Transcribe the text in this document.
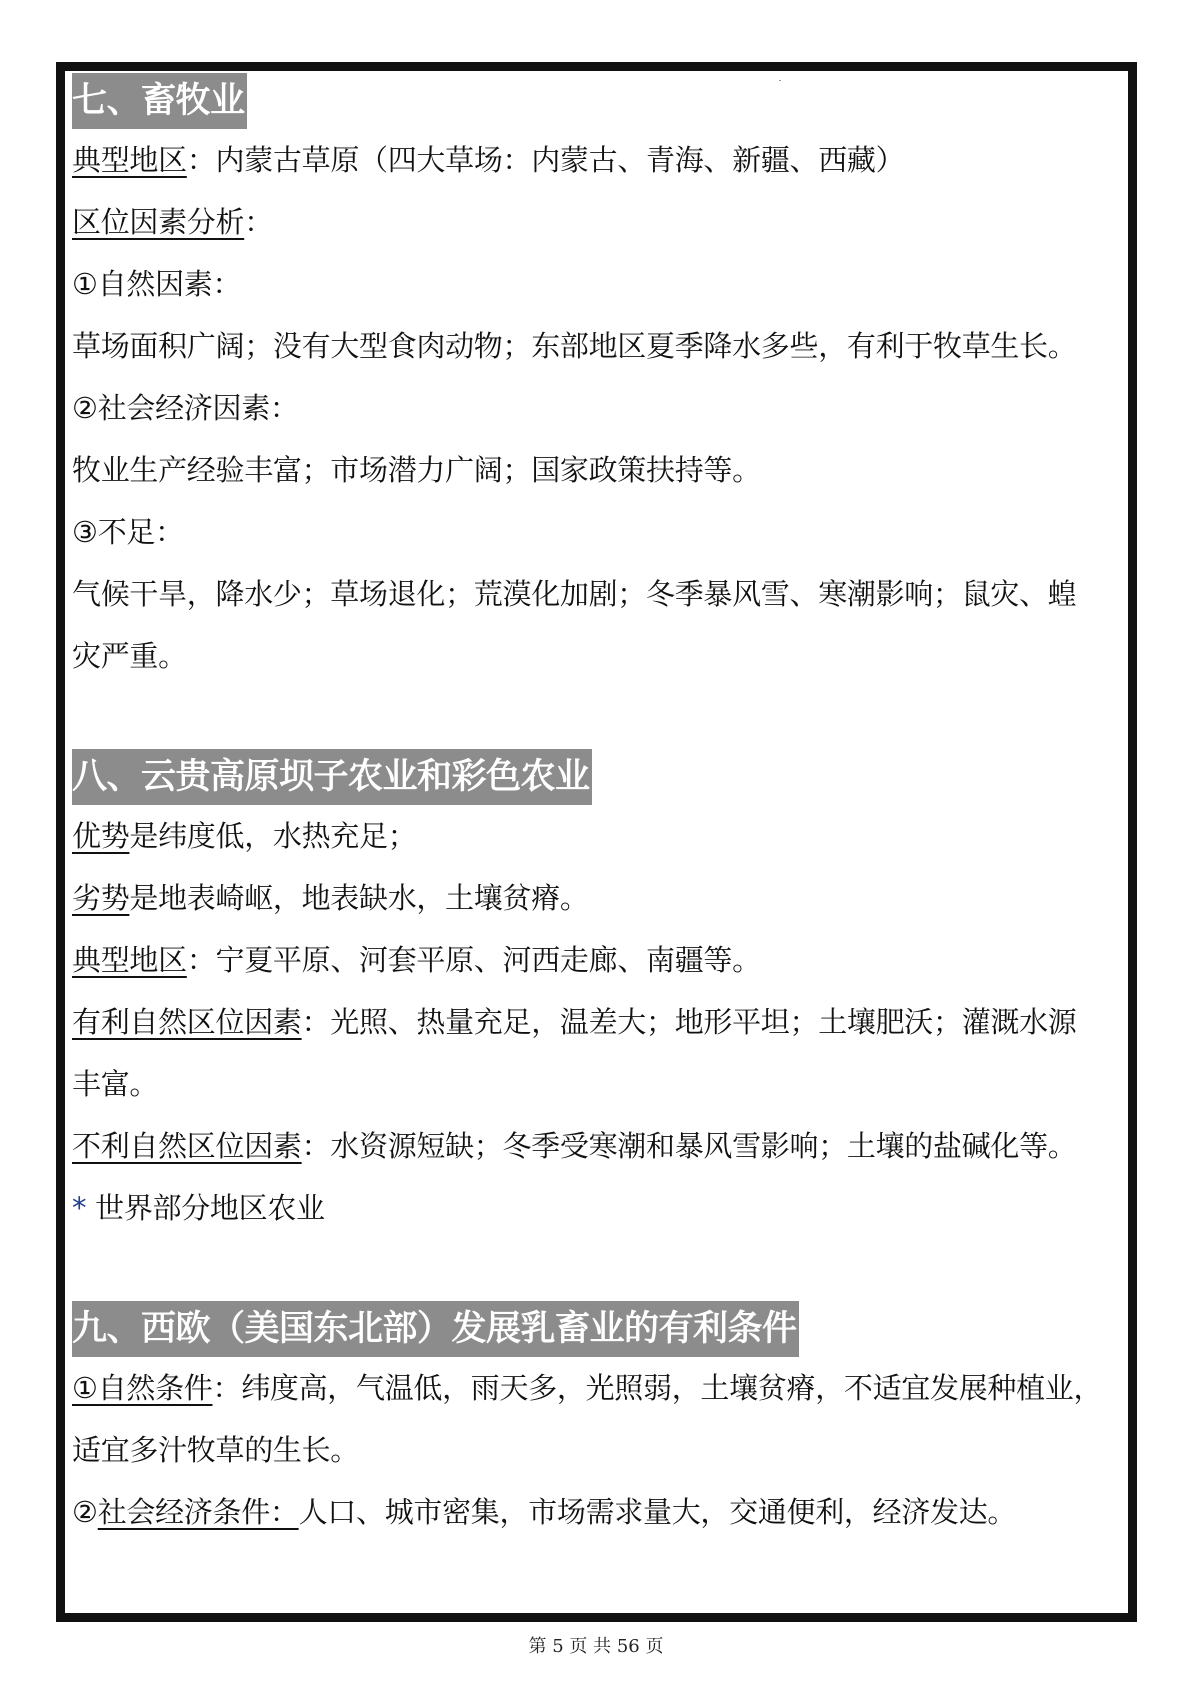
七、畜牧业
典型地区：内蒙古草原（四大草场：内蒙古、青海、新疆、西藏）
区位因素分析：
①自然因素：
草场面积广阔；没有大型食肉动物；东部地区夏季降水多些，有利于牧草生长。
②社会经济因素：
牧业生产经验丰富；市场潜力广阔；国家政策扶持等。
③不足：
气候干旱，降水少；草场退化；荒漠化加剧；冬季暴风雪、寒潮影响；鼠灾、蝗
灾严重。
八、云贵高原坝子农业和彩色农业
优势是纬度低，水热充足；
劣势是地表崎岖，地表缺水，土壤贫瘠。
典型地区：宁夏平原、河套平原、河西走廊、南疆等。
有利自然区位因素：光照、热量充足，温差大；地形平坦；土壤肥沃；灌溉水源
丰富。
不利自然区位因素：水资源短缺；冬季受寒潮和暴风雪影响；土壤的盐碱化等。
* 世界部分地区农业
九、西欧（美国东北部）发展乳畜业的有利条件
①自然条件：纬度高，气温低，雨天多，光照弱，土壤贫瘠，不适宜发展种植业，
适宜多汁牧草的生长。
②社会经济条件：人口、城市密集，市场需求量大，交通便利，经济发达。
第 5 页 共 56 页
